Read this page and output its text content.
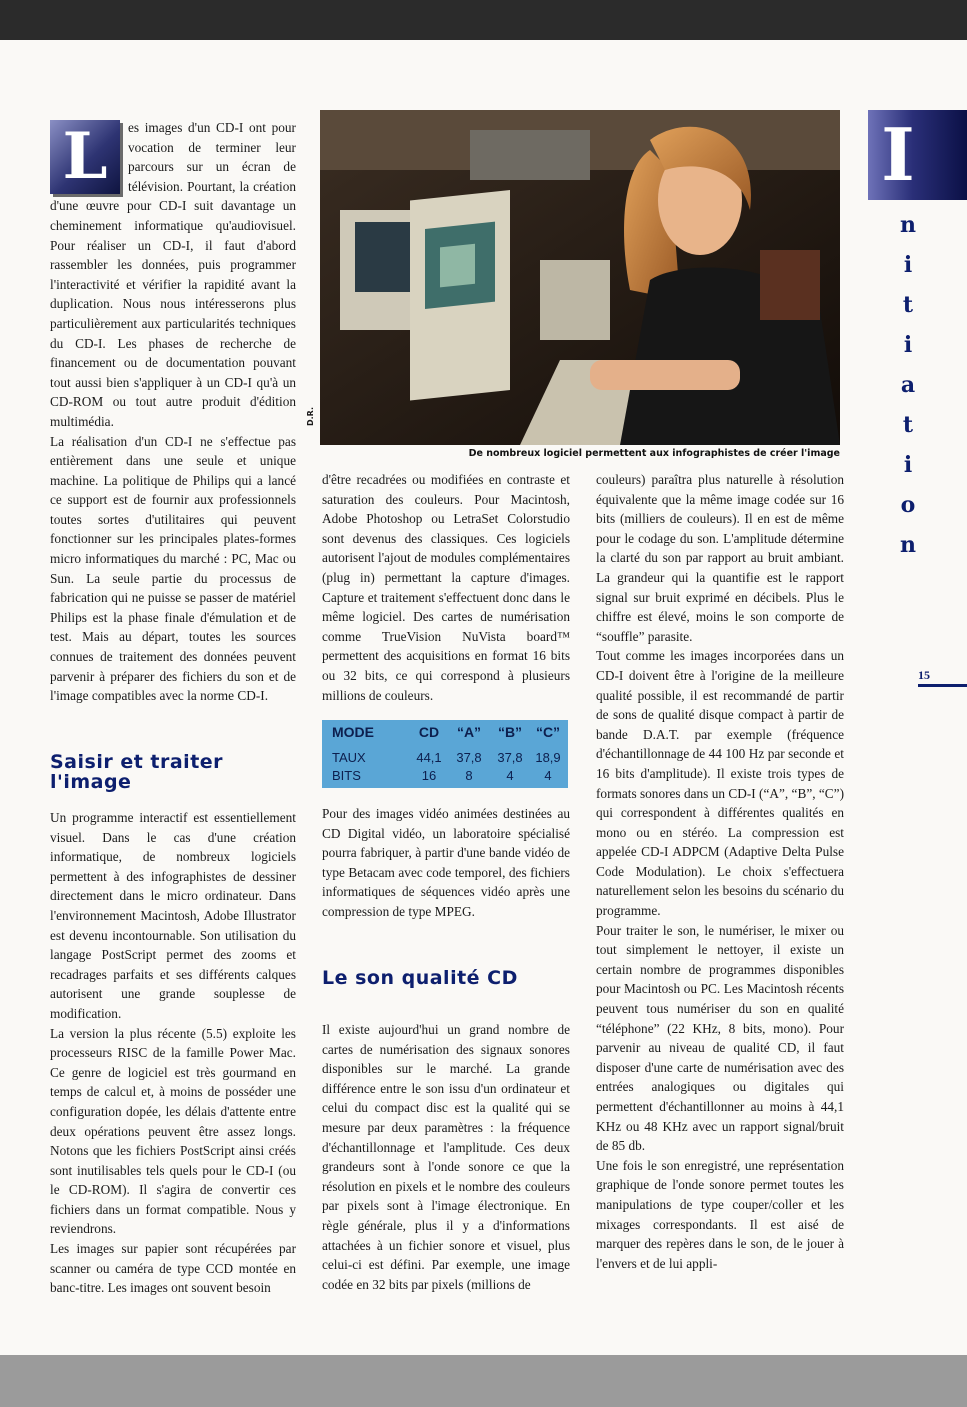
L	es images d'un CD-I ont pour vocation de terminer leur parcours sur un écran de télévision. Pourtant, la création d'une œuvre pour CD-I suit davantage un cheminement informatique qu'audiovisuel. Pour réaliser un CD-I, il faut d'abord rassembler les données, puis programmer l'interactivité et vérifier la rapidité avant la duplication. Nous nous intéresserons plus particulièrement aux particularités techniques du CD-I. Les phases de recherche de financement ou de documentation pouvant tout aussi bien s'appliquer à un CD-I qu'à un CD-ROM ou tout autre produit d'édition multimédia.

La réalisation d'un CD-I ne s'effectue pas entièrement dans une seule et unique machine. La politique de Philips qui a lancé ce support est de fournir aux professionnels toutes sortes d'utilitaires qui peuvent fonctionner sur les principales plates-formes micro informatiques du marché : PC, Mac ou Sun. La seule partie du processus de fabrication qui ne puisse se passer de matériel Philips est la phase finale d'émulation et de test. Mais au départ, toutes les sources connues de traitement des données peuvent parvenir à préparer des fichiers du son et de l'image compatibles avec la norme CD-I.

Saisir et traiter l'image

Un programme interactif est essentiellement visuel. Dans le cas d'une création informatique, de nombreux logiciels permettent à des infographistes de dessiner directement dans le micro ordinateur. Dans l'environnement Macintosh, Adobe Illustrator est devenu incontournable. Son utilisation du langage PostScript permet des zooms et recadrages parfaits et ses différents calques autorisent une grande souplesse de modification.

La version la plus récente (5.5) exploite les processeurs RISC de la famille Power Mac. Ce genre de logiciel est très gourmand en temps de calcul et, à moins de posséder une configuration dopée, les délais d'attente entre deux opérations peuvent être assez longs. Notons que les fichiers PostScript ainsi créés sont inutilisables tels quels pour le CD-I (ou le CD-ROM). Il s'agira de convertir ces fichiers dans un format compatible. Nous y reviendrons.

Les images sur papier sont récupérées par scanner ou caméra de type CCD montée en banc-titre. Les images ont souvent besoin

D.R.
De nombreux logiciel permettent aux infographistes de créer l'image

d'être recadrées ou modifiées en contraste et saturation des couleurs. Pour Macintosh, Adobe Photoshop ou LetraSet Colorstudio sont devenus des classiques. Ces logiciels autorisent l'ajout de modules complémentaires (plug in) permettant la capture d'images. Capture et traitement s'effectuent donc dans le même logiciel. Des cartes de numérisation comme TrueVision NuVista board™ permettent des acquisitions en format 16 bits ou 32 bits, ce qui correspond à plusieurs millions de couleurs.

MODE	CD	“A”	“B” “C”
TAUX	44,1	37,8	37,8 18,9
BITS	16	8	4	4

Pour des images vidéo animées destinées au CD Digital vidéo, un laboratoire spécialisé pourra fabriquer, à partir d'une bande vidéo de type Betacam avec code temporel, des fichiers informatiques de séquences vidéo après une compression de type MPEG.

Le son qualité CD

Il existe aujourd'hui un grand nombre de cartes de numérisation des signaux sonores disponibles sur le marché. La grande différence entre le son issu d'un ordinateur et celui du compact disc est la qualité qui se mesure par deux paramètres : la fréquence d'échantillonnage et l'amplitude. Ces deux grandeurs sont à l'onde sonore ce que la résolution en pixels et le nombre des couleurs par pixels sont à l'image électronique. En règle générale, plus il y a d'informations attachées à un fichier sonore et visuel, plus celui-ci est défini. Par exemple, une image codée en 32 bits par pixels (millions de

couleurs) paraîtra plus naturelle à résolution équivalente que la même image codée sur 16 bits (milliers de couleurs). Il en est de même pour le codage du son. L'amplitude détermine la clarté du son par rapport au bruit ambiant. La grandeur qui la quantifie est le rapport signal sur bruit exprimé en décibels. Plus le chiffre est élevé, moins le son comporte de “souffle” parasite.

Tout comme les images incorporées dans un CD-I doivent être à l'origine de la meilleure qualité possible, il est recommandé de partir de sons de qualité disque compact à partir de bande D.A.T. par exemple (fréquence d'échantillonnage de 44 100 Hz par seconde et 16 bits d'amplitude). Il existe trois types de formats sonores dans un CD-I (“A”, “B”, “C”) qui correspondent à différentes qualités en mono ou en stéréo. La compression est appelée CD-I ADPCM (Adaptive Delta Pulse Code Modulation). Le choix s'effectuera naturellement selon les besoins du scénario du programme.

Pour traiter le son, le numériser, le mixer ou tout simplement le nettoyer, il existe un certain nombre de programmes disponibles pour Macintosh ou PC. Les Macintosh récents peuvent tous numériser du son en qualité “téléphone” (22 KHz, 8 bits, mono). Pour parvenir au niveau de qualité CD, il faut disposer d'une carte de numérisation avec des entrées analogiques ou digitales qui permettent d'échantillonner au moins à 44,1 KHz ou 48 KHz avec un rapport signal/bruit de 85 db.

Une fois le son enregistré, une représentation graphique de l'onde sonore permet toutes les manipulations de type couper/coller et les mixages correspondants. Il est aisé de marquer des repères dans le son, de le jouer à l'envers et de lui appli-

I
n
i
t
i
a
t
i
o
n
15
